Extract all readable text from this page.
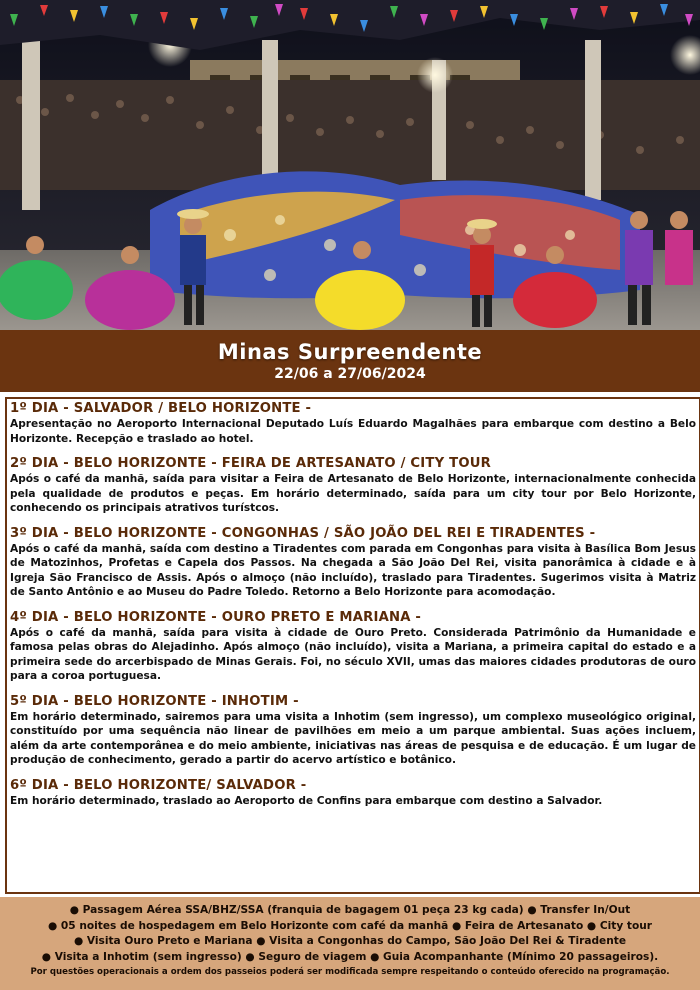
Minas Surpreendente
22/06 a 27/06/2024
1º DIA - SALVADOR / BELO HORIZONTE -
Apresentação no Aeroporto Internacional Deputado Luís Eduardo Magalhães para embarque com destino a Belo Horizonte. Recepção e traslado ao hotel.
2º DIA - BELO HORIZONTE - FEIRA DE ARTESANATO / CITY TOUR
Após o café da manhã, saída para visitar a Feira de Artesanato de Belo Horizonte, internacionalmente conhecida pela qualidade de produtos e peças. Em horário determinado, saída para um city tour por Belo Horizonte, conhecendo os principais atrativos turístcos.
3º DIA - BELO HORIZONTE - CONGONHAS / SÃO JOÃO DEL REI E TIRADENTES -
Após o café da manhã, saída com destino a Tiradentes com parada em Congonhas para visita à Basílica Bom Jesus de Matozinhos, Profetas e Capela dos Passos. Na chegada a São João Del Rei, visita panorâmica à cidade e à Igreja São Francisco de Assis. Após o almoço (não incluído), traslado para Tiradentes. Sugerimos visita à Matriz de Santo Antônio e ao Museu do Padre Toledo. Retorno a Belo Horizonte para acomodação.
4º DIA - BELO HORIZONTE - OURO PRETO E MARIANA -
Após o café da manhã, saída para visita à cidade de Ouro Preto. Considerada Patrimônio da Humanidade e famosa pelas obras do Alejadinho. Após almoço (não incluído), visita a Mariana, a primeira capital do estado e a primeira sede do arcerbispado de Minas Gerais. Foi, no século XVII, umas das maiores cidades produtoras de ouro para a coroa portuguesa.
5º DIA - BELO HORIZONTE - INHOTIM -
Em horário determinado, sairemos para uma visita a Inhotim (sem ingresso), um complexo museológico original, constituído por uma sequência não linear de pavilhões em meio a um parque ambiental. Suas ações incluem, além da arte contemporânea e do meio ambiente, iniciativas nas áreas de pesquisa e de educação. É um lugar de produção de conhecimento, gerado a partir do acervo artístico e botânico.
6º DIA - BELO HORIZONTE/ SALVADOR -
Em horário determinado, traslado ao Aeroporto de Confins para embarque com destino a Salvador.
● Passagem Aérea SSA/BHZ/SSA (franquia de bagagem 01 peça 23 kg cada) ● Transfer In/Out
● 05 noites de hospedagem em Belo Horizonte com café da manhã ● Feira de Artesanato ● City tour
● Visita Ouro Preto e Mariana ● Visita a Congonhas do Campo, São João Del Rei & Tiradente
● Visita a Inhotim (sem ingresso) ● Seguro de viagem ● Guia Acompanhante (Mínimo 20 passageiros).
Por questões operacionais a ordem dos passeios poderá ser modificada sempre respeitando o conteúdo oferecido na programação.
